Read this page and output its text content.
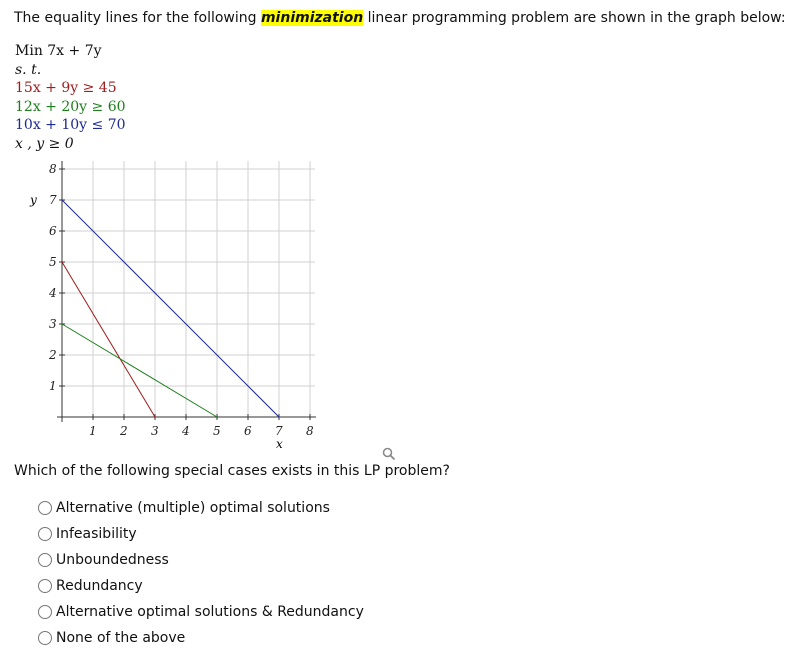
The equality lines for the following minimization linear programming problem are shown in the graph below:
Min 7x + 7y
s. t.
15x + 9y ≥ 45
12x + 20y ≥ 60
10x + 10y ≤ 70
x , y ≥ 0
1 2 3 4 5 6 7 8
1
2
3
4
5
6
7
8
x
y
Which of the following special cases exists in this LP problem?
Alternative (multiple) optimal solutions
Infeasibility
Unboundedness
Redundancy
Alternative optimal solutions & Redundancy
None of the above
